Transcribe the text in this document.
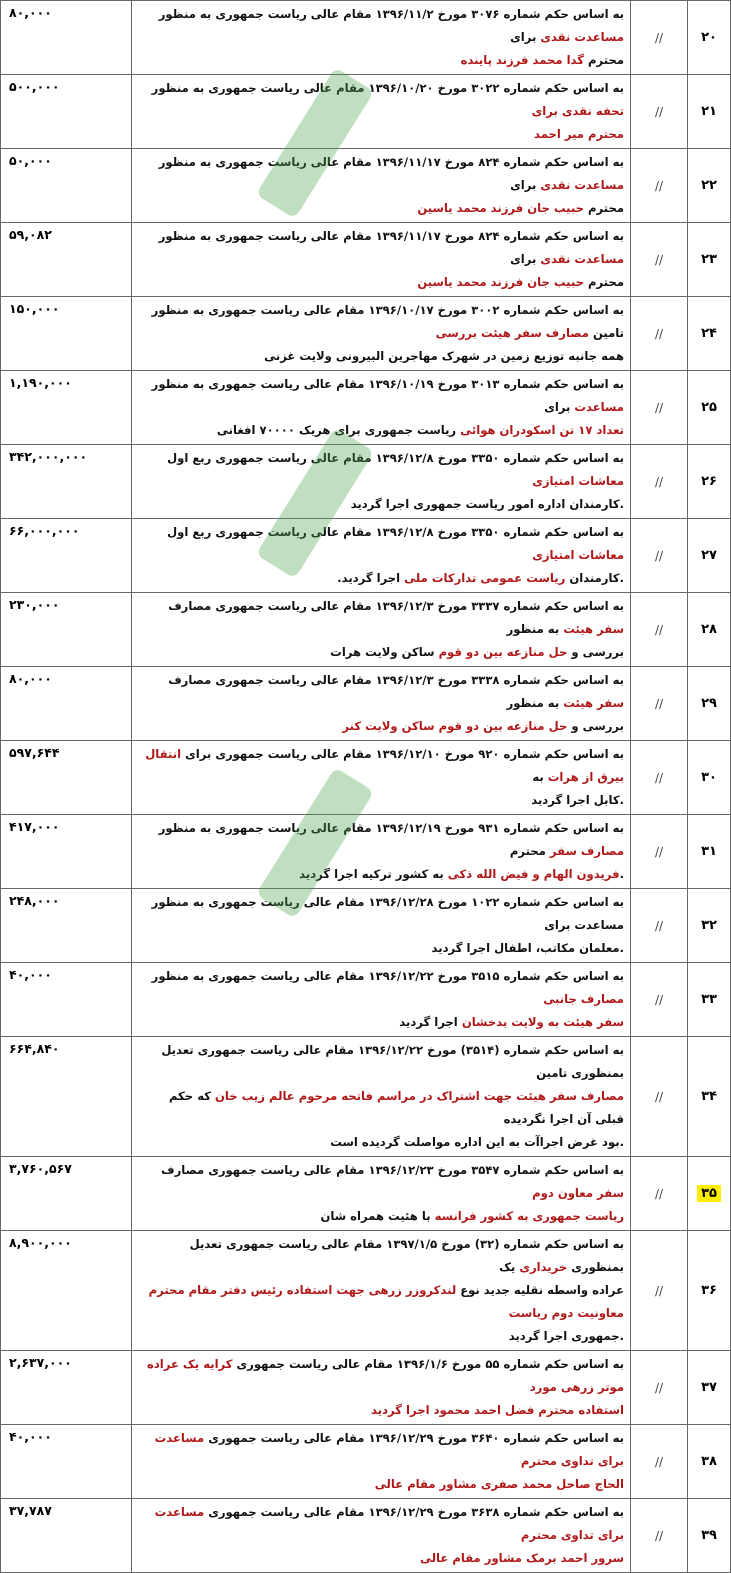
۲۰	//	به اساس حکم شماره ۳۰۷۶ مورخ ۱۳۹۶/۱۱/۲ مقام عالی ریاست جمهوری به منظور مساعدت نقدی برای
محترم گدا محمد فرزند پاینده	۸۰,۰۰۰
۲۱	//	به اساس حکم شماره ۳۰۲۲ مورخ ۱۳۹۶/۱۰/۲۰ مقام عالی ریاست جمهوری به منظور تحفه نقدی برای
محترم میر احمد	۵۰۰,۰۰۰
۲۲	//	به اساس حکم شماره ۸۲۴ مورخ ۱۳۹۶/۱۱/۱۷ مقام عالی ریاست جمهوری به منظور مساعدت نقدی برای
محترم حبیب جان فرزند محمد یاسین	۵۰,۰۰۰
۲۳	//	به اساس حکم شماره ۸۲۴ مورخ ۱۳۹۶/۱۱/۱۷ مقام عالی ریاست جمهوری به منظور مساعدت نقدی برای
محترم حبیب جان فرزند محمد یاسین	۵۹,۰۸۲
۲۴	//	به اساس حکم شماره ۳۰۰۲ مورخ ۱۳۹۶/۱۰/۱۷ مقام عالی ریاست جمهوری به منظور تامین مصارف سفر هیئت بررسی
همه جانبه توزیع زمین در شهرک مهاجرین البیرونی ولایت غزنی	۱۵۰,۰۰۰
۲۵	//	به اساس حکم شماره ۳۰۱۳ مورخ ۱۳۹۶/۱۰/۱۹ مقام عالی ریاست جمهوری به منظور مساعدت برای
تعداد ۱۷ تن اسکودران هوائی ریاست جمهوری برای هریک ۷۰۰۰۰ افغانی	۱,۱۹۰,۰۰۰
۲۶	//	به اساس حکم شماره ۳۳۵۰ مورخ ۱۳۹۶/۱۲/۸ مقام عالی ریاست جمهوری ربع اول معاشات امتیازی
.کارمندان اداره امور ریاست جمهوری اجرا گردید	۳۴۲,۰۰۰,۰۰۰
۲۷	//	به اساس حکم شماره ۳۳۵۰ مورخ ۱۳۹۶/۱۲/۸ مقام عالی ریاست جمهوری ربع اول معاشات امتیازی
.کارمندان ریاست عمومی تدارکات ملی اجرا گردید.	۶۶,۰۰۰,۰۰۰
۲۸	//	به اساس حکم شماره ۳۳۳۷ مورخ ۱۳۹۶/۱۲/۳ مقام عالی ریاست جمهوری مصارف سفر هیئت به منظور
بررسی و حل منازعه بین دو قوم ساکن ولایت هرات	۲۳۰,۰۰۰
۲۹	//	به اساس حکم شماره ۳۳۳۸ مورخ ۱۳۹۶/۱۲/۳ مقام عالی ریاست جمهوری مصارف سفر هیئت به منظور
بررسی و حل منازعه بین دو قوم ساکن ولایت کنر	۸۰,۰۰۰
۳۰	//	به اساس حکم شماره ۹۲۰ مورخ ۱۳۹۶/۱۲/۱۰ مقام عالی ریاست جمهوری برای انتقال بیرق از هرات به
.کابل اجرا گردید	۵۹۷,۶۴۴
۳۱	//	به اساس حکم شماره ۹۳۱ مورخ ۱۳۹۶/۱۲/۱۹ مقام عالی ریاست جمهوری به منظور مصارف سفر محترم
.فریدون الهام و فیض الله ذکی به کشور ترکیه اجرا گردید	۴۱۷,۰۰۰
۳۲	//	به اساس حکم شماره ۱۰۲۲ مورخ ۱۳۹۶/۱۲/۲۸ مقام عالی ریاست جمهوری به منظور مساعدت برای
.معلمان مکاتب، اطفال اجرا گردید	۲۴۸,۰۰۰
۳۳	//	به اساس حکم شماره ۳۵۱۵ مورخ ۱۳۹۶/۱۲/۲۲ مقام عالی ریاست جمهوری به منظور مصارف جانبی
سفر هیئت به ولایت بدخشان اجرا گردید	۴۰,۰۰۰
۳۴	//	به اساس حکم شماره (۳۵۱۴) مورخ ۱۳۹۶/۱۲/۲۲ مقام عالی ریاست جمهوری تعدیل بمنظوری تامین
مصارف سفر هیئت جهت اشتراک در مراسم فاتحه مرحوم عالم زیب خان که حکم قبلی آن اجرا نگردیده
.بود غرض اجراآت به این اداره مواصلت گردیده است	۶۶۴,۸۴۰
۳۵	//	به اساس حکم شماره ۳۵۴۷ مورخ ۱۳۹۶/۱۲/۲۳ مقام عالی ریاست جمهوری مصارف سفر معاون دوم
ریاست جمهوری به کشور فرانسه با هئیت همراه شان	۳,۷۶۰,۵۶۷
۳۶	//	به اساس حکم شماره (۳۲) مورخ ۱۳۹۷/۱/۵ مقام عالی ریاست جمهوری تعدیل بمنظوری خریداری یک
عراده واسطه نقلیه جدید نوع لندکروزر زرهی جهت استفاده رئیس دفتر مقام محترم معاونیت دوم ریاست
.جمهوری اجرا گردید	۸,۹۰۰,۰۰۰
۳۷	//	به اساس حکم شماره ۵۵ مورخ ۱۳۹۶/۱/۶ مقام عالی ریاست جمهوری کرایه یک عراده موتر زرهی مورد
استفاده محترم فضل احمد محمود اجرا گردید	۲,۶۳۷,۰۰۰
۳۸	//	به اساس حکم شماره ۳۶۴۰ مورخ ۱۳۹۶/۱۲/۲۹ مقام عالی ریاست جمهوری مساعدت برای تداوی محترم
الحاج صاحل محمد صفری مشاور مقام عالی	۴۰,۰۰۰
۳۹	//	به اساس حکم شماره ۳۶۳۸ مورخ ۱۳۹۶/۱۲/۲۹ مقام عالی ریاست جمهوری مساعدت برای تداوی محترم
سرور احمد برمک مشاور مقام عالی	۳۷,۷۸۷
